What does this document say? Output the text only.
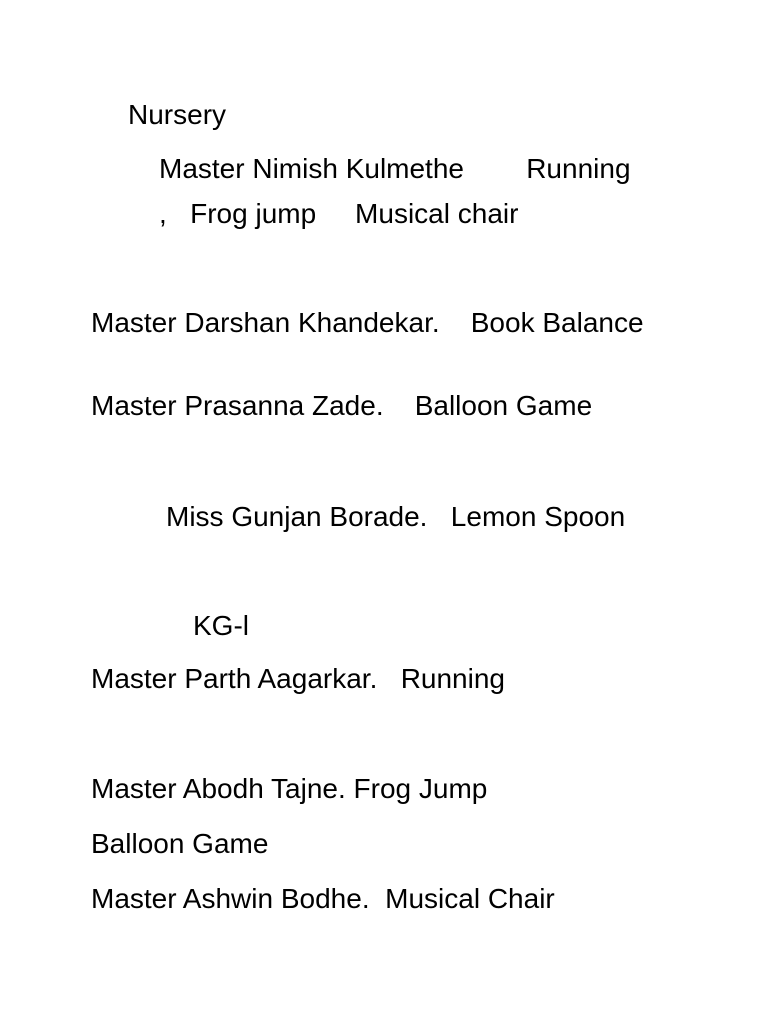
Nursery
Master Nimish Kulmethe        Running
,   Frog jump     Musical chair
Master Darshan Khandekar.    Book Balance
Master Prasanna Zade.    Balloon Game
Miss Gunjan Borade.   Lemon Spoon
KG-l
Master Parth Aagarkar.   Running
Master Abodh Tajne. Frog Jump
Balloon Game
Master Ashwin Bodhe.  Musical Chair
